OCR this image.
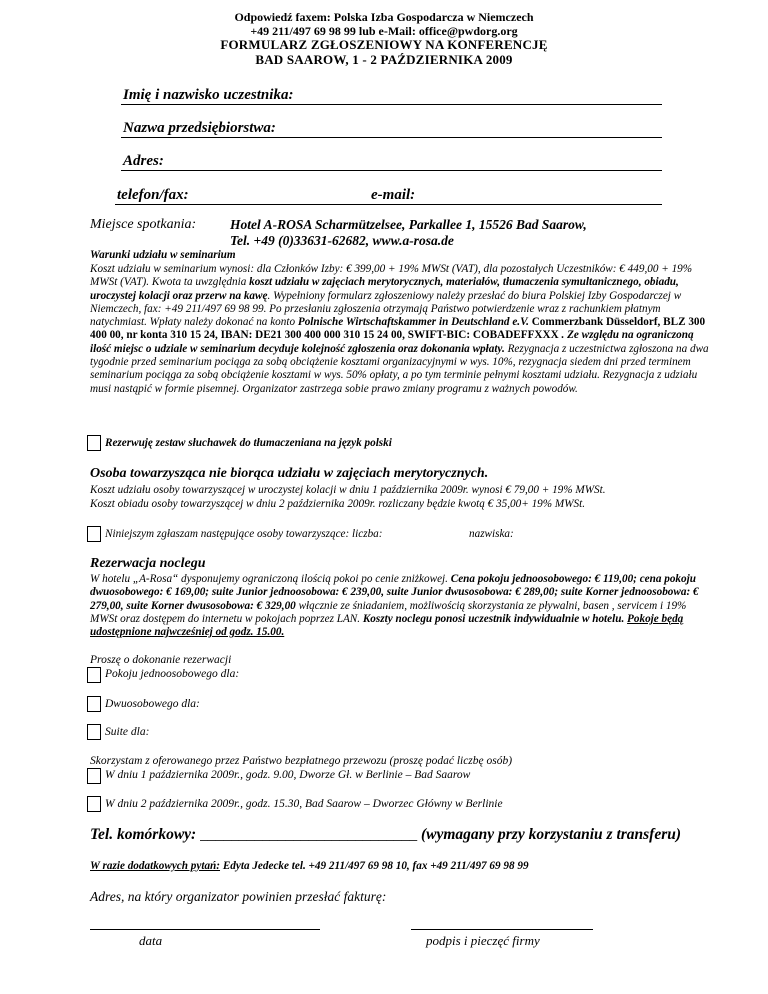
Odpowiedź faxem: Polska Izba Gospodarcza w Niemczech
+49 211/497 69 98 99 lub e-Mail: office@pwdorg.org
FORMULARZ ZGŁOSZENIOWY NA KONFERENCJĘ
BAD SAAROW, 1 - 2 PAŹDZIERNIKA 2009
Imię i nazwisko uczestnika:
Nazwa przedsiębiorstwa:
Adres:
telefon/fax:	e-mail:
Miejsce spotkania:	Hotel A-ROSA Scharmützelsee, Parkallee 1, 15526 Bad Saarow,
Tel. +49 (0)33631-62682, www.a-rosa.de
Warunki udziału w seminarium
Koszt udziału w seminarium wynosi: dla Członków Izby: € 399,00 + 19% MWSt (VAT), dla pozostałych Uczestników: € 449,00 + 19% MWSt (VAT). Kwota ta uwzględnia koszt udziału w zajęciach merytorycznych, materiałów, tłumaczenia symultanicznego, obiadu, uroczystej kolacji oraz przerw na kawę. Wypełniony formularz zgłoszeniowy należy przesłać do biura Polskiej Izby Gospodarczej w Niemczech, fax: +49 211/497 69 98 99. Po przesłaniu zgłoszenia otrzymają Państwo potwierdzenie wraz z rachunkiem płatnym natychmiast. Wpłaty należy dokonać na konto Polnische Wirtschaftskammer in Deutschland e.V. Commerzbank Düsseldorf, BLZ 300 400 00, nr konta 310 15 24, IBAN: DE21 300 400 000 310 15 24 00, SWIFT-BIC: COBADEFFXXX . Ze względu na ograniczoną ilość miejsc o udziale w seminarium decyduje kolejność zgłoszenia oraz dokonania wpłaty. Rezygnacja z uczestnictwa zgłoszona na dwa tygodnie przed seminarium pociąga za sobą obciążenie kosztami organizacyjnymi w wys. 10%, rezygnacja siedem dni przed terminem seminarium pociąga za sobą obciążenie kosztami w wys. 50% opłaty, a po tym terminie pełnymi kosztami udziału. Rezygnacja z udziału musi nastąpić w formie pisemnej. Organizator zastrzega sobie prawo zmiany programu z ważnych powodów.
Rezerwuję zestaw słuchawek do tłumaczeniana na język polski
Osoba towarzysząca nie biorąca udziału w zajęciach merytorycznych.
Koszt udziału osoby towarzyszącej w uroczystej kolacji w dniu 1 października 2009r. wynosi € 79,00 + 19% MWSt.
Koszt obiadu osoby towarzyszącej w dniu 2 października 2009r. rozliczany będzie kwotą € 35,00+ 19% MWSt.
Niniejszym zgłaszam następujące osoby towarzyszące: liczba:	nazwiska:
Rezerwacja noclegu
W hotelu „A-Rosa“ dysponujemy ograniczoną ilością pokoi po cenie zniżkowej. Cena pokoju jednoosobowego: € 119,00; cena pokoju dwuosobowego: € 169,00; suite Junior jednoosobowa: € 239,00, suite Junior dwusosobowa: € 289,00; suite Korner jednoosobowa: € 279,00, suite Korner dwusosobowa: € 329,00 włącznie ze śniadaniem, możliwością skorzystania ze pływalni, basen , servicem i 19% MWSt oraz dostępem do internetu w pokojach poprzez LAN. Koszty noclegu ponosi uczestnik indywidualnie w hotelu. Pokoje będą udostępnione najwcześniej od godz. 15.00.
Proszę o dokonanie rezerwacji
Pokoju jednoosobowego dla:
Dwuosobowego dla:
Suite dla:
Skorzystam z oferowanego przez Państwo bezpłatnego przewozu (proszę podać liczbę osób)
W dniu 1 października 2009r., godz. 9.00, Dworze Gł. w Berlinie – Bad Saarow
W dniu 2 października 2009r., godz. 15.30, Bad Saarow – Dworzec Główny w Berlinie
Tel. komórkowy: ____________________________ (wymagany przy korzystaniu z transferu)
W razie dodatkowych pytań: Edyta Jedecke tel. +49 211/497 69 98 10, fax +49 211/497 69 98 99
Adres, na który organizator powinien przesłać fakturę:
data	podpis i pieczęć firmy
